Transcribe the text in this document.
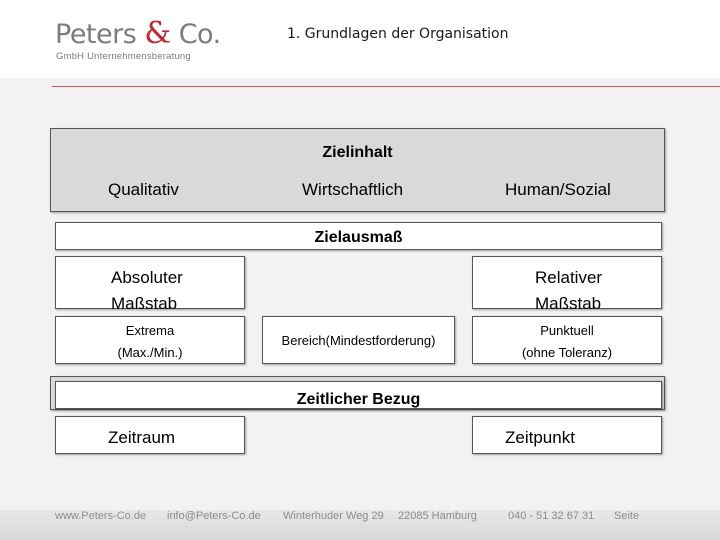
Peters & Co.
GmbH Unternehmensberatung
1. Grundlagen der Organisation
Zielinhalt
Qualitativ	Wirtschaftlich	Human/Sozial
Zielausmaß
Absoluter
Maßstab
Relativer
Maßstab
Extrema
(Max./Min.)
Bereich(Mindestforderung)
Punktuell
(ohne Toleranz)
Zeitlicher Bezug
Zeitraum	Zeitpunkt
www.Peters-Co.de info@Peters-Co.de Winterhuder Weg 29 22085 Hamburg	040 - 51 32 67 31 Seite
